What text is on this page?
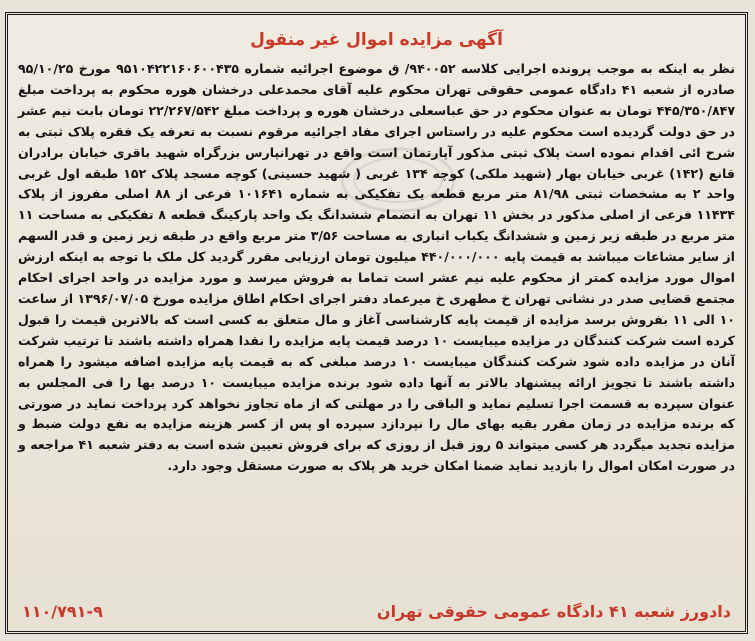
آگهی مزایده اموال غیر منقول

نظر به اینکه به موجب پرونده اجرایی کلاسه ۹۴۰۰۵۲/ ق موضوع اجرائیه شماره ۹۵۱۰۴۲۲۱۶۰۶۰۰۴۳۵ مورخ ۹۵/۱۰/۲۵ صادره از شعبه ۴۱ دادگاه عمومی حقوقی تهران محکوم علیه آقای محمدعلی درخشان هوره محکوم به پرداخت مبلغ ۴۴۵/۳۵۰/۸۴۷ تومان به عنوان محکوم در حق عباسعلی درخشان هوره و پرداخت مبلغ ۲۲/۲۶۷/۵۴۲ تومان بابت نیم عشر در حق دولت گردیده است محکوم علیه در راستاس اجرای مفاد اجرائیه مرقوم نسبت به تعرفه یک فقره پلاک ثبتی به شرح ائی اقدام نموده است پلاک ثبتی مذکور آپارتمان است واقع در تهرانپارس بزرگراه شهید باقری خیابان برادران قانع (۱۴۲) غربی خیابان بهار (شهید ملکی) کوچه ۱۳۴ غربی ( شهید حسینی) کوچه مسجد پلاک ۱۵۲ طبقه اول غربی واحد ۲ به مشخصات ثبتی ۸۱/۹۸ متر مربع قطعه یک تفکیکی به شماره ۱۰۱۶۴۱ فرعی از ۸۸ اصلی مفروز از پلاک ۱۱۴۳۴ فرعی از اصلی مذکور در بخش ۱۱ تهران به انضمام ششدانگ یک واحد پارکینگ قطعه ۸ تفکیکی به مساحت ۱۱ متر مربع در طبقه زیر زمین و ششدانگ یکباب انباری به مساحت ۳/۵۶ متر مربع واقع در طبقه زیر زمین و قدر السهم از سایر مشاعات میباشد به قیمت پایه ۴۴۰/۰۰۰/۰۰۰ میلیون تومان ارزیابی مقرر گردید کل ملک با توجه به اینکه ارزش اموال مورد مزایده کمتر از محکوم علیه نیم عشر است تماما به فروش میرسد و مورد مزایده در واحد اجرای احکام مجتمع قضایی صدر در نشانی تهران خ مطهری خ میرعماد دفتر اجرای احکام اطاق مزایده مورخ ۱۳۹۶/۰۷/۰۵ از ساعت ۱۰ الی ۱۱ بفروش برسد مزایده از قیمت پایه کارشناسی آغاز و مال متعلق به کسی است که بالاترین قیمت را قبول کرده است شرکت کنندگان در مزایده میبایست ۱۰ درصد قیمت پایه مزایده را نقدا همراه داشته باشند تا ترتیب شرکت آنان در مزایده داده شود شرکت کنندگان میبایست ۱۰ درصد مبلغی که به قیمت پایه مزایده اضافه میشود را همراه داشته باشند تا تجویز ارائه پیشنهاد بالاتر به آنها داده شود برنده مزایده میبایست ۱۰ درصد بها را فی المجلس به عنوان سپرده به قسمت اجرا تسلیم نماید و الباقی را در مهلتی که از ماه تجاوز نخواهد کرد پرداخت نماید در صورتی که برنده مزایده در زمان مقرر بقیه بهای مال را نپردازد سپرده او پس از کسر هزینه مزایده به نفع دولت ضبط و مزایده تجدید میگردد هر کسی میتواند ۵ روز قبل از روزی که برای فروش تعیین شده است به دفتر شعبه ۴۱ مراجعه و در صورت امکان اموال را بازدید نماید ضمنا امکان خرید هر پلاک به صورت مستقل وجود دارد.

دادورز شعبه ۴۱ دادگاه عمومی حقوقی تهران
۱۱۰/۷۹۱-۹
